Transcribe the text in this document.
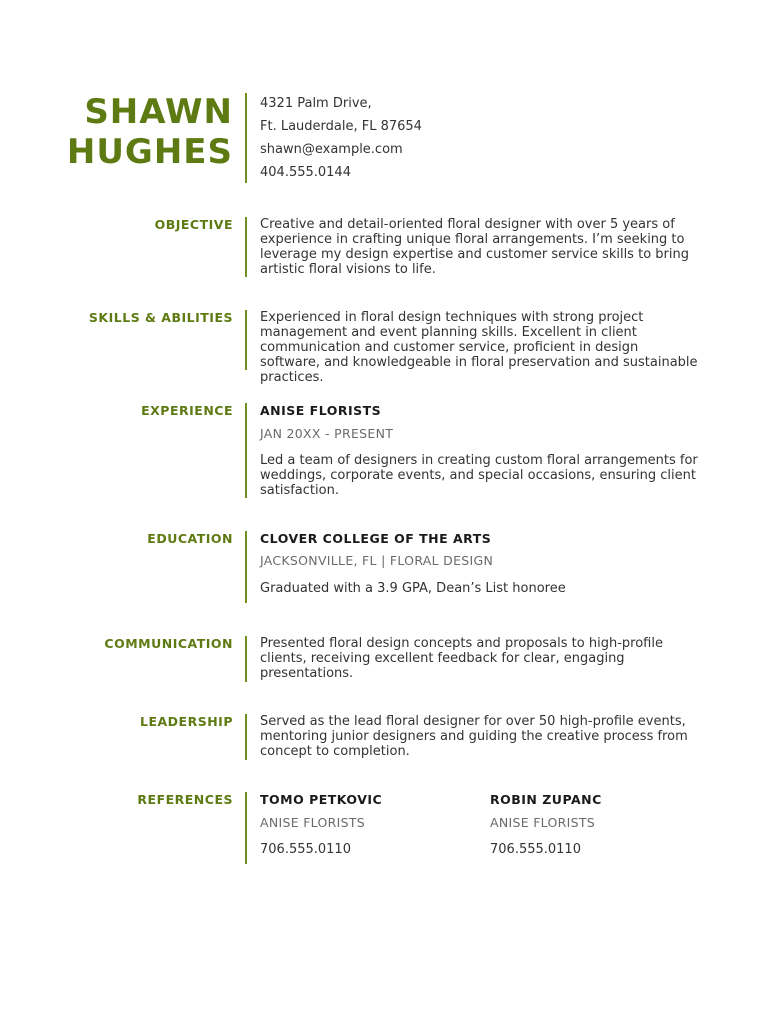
SHAWN
HUGHES
4321 Palm Drive,
Ft. Lauderdale, FL 87654
shawn@example.com
404.555.0144
OBJECTIVE Creative and detail-oriented floral designer with over 5 years of experience in crafting unique floral arrangements. I’m seeking to leverage my design expertise and customer service skills to bring artistic floral visions to life.
SKILLS & ABILITIES Experienced in floral design techniques with strong project management and event planning skills. Excellent in client communication and customer service, proficient in design software, and knowledgeable in floral preservation and sustainable practices.
EXPERIENCE ANISE FLORISTS
JAN 20XX - PRESENT
Led a team of designers in creating custom floral arrangements for weddings, corporate events, and special occasions, ensuring client satisfaction.
EDUCATION CLOVER COLLEGE OF THE ARTS
JACKSONVILLE, FL | FLORAL DESIGN
Graduated with a 3.9 GPA, Dean’s List honoree
COMMUNICATION Presented floral design concepts and proposals to high-profile clients, receiving excellent feedback for clear, engaging presentations.
LEADERSHIP Served as the lead floral designer for over 50 high-profile events, mentoring junior designers and guiding the creative process from concept to completion.
REFERENCES TOMO PETKOVIC
ANISE FLORISTS
706.555.0110
ROBIN ZUPANC
ANISE FLORISTS
706.555.0110
